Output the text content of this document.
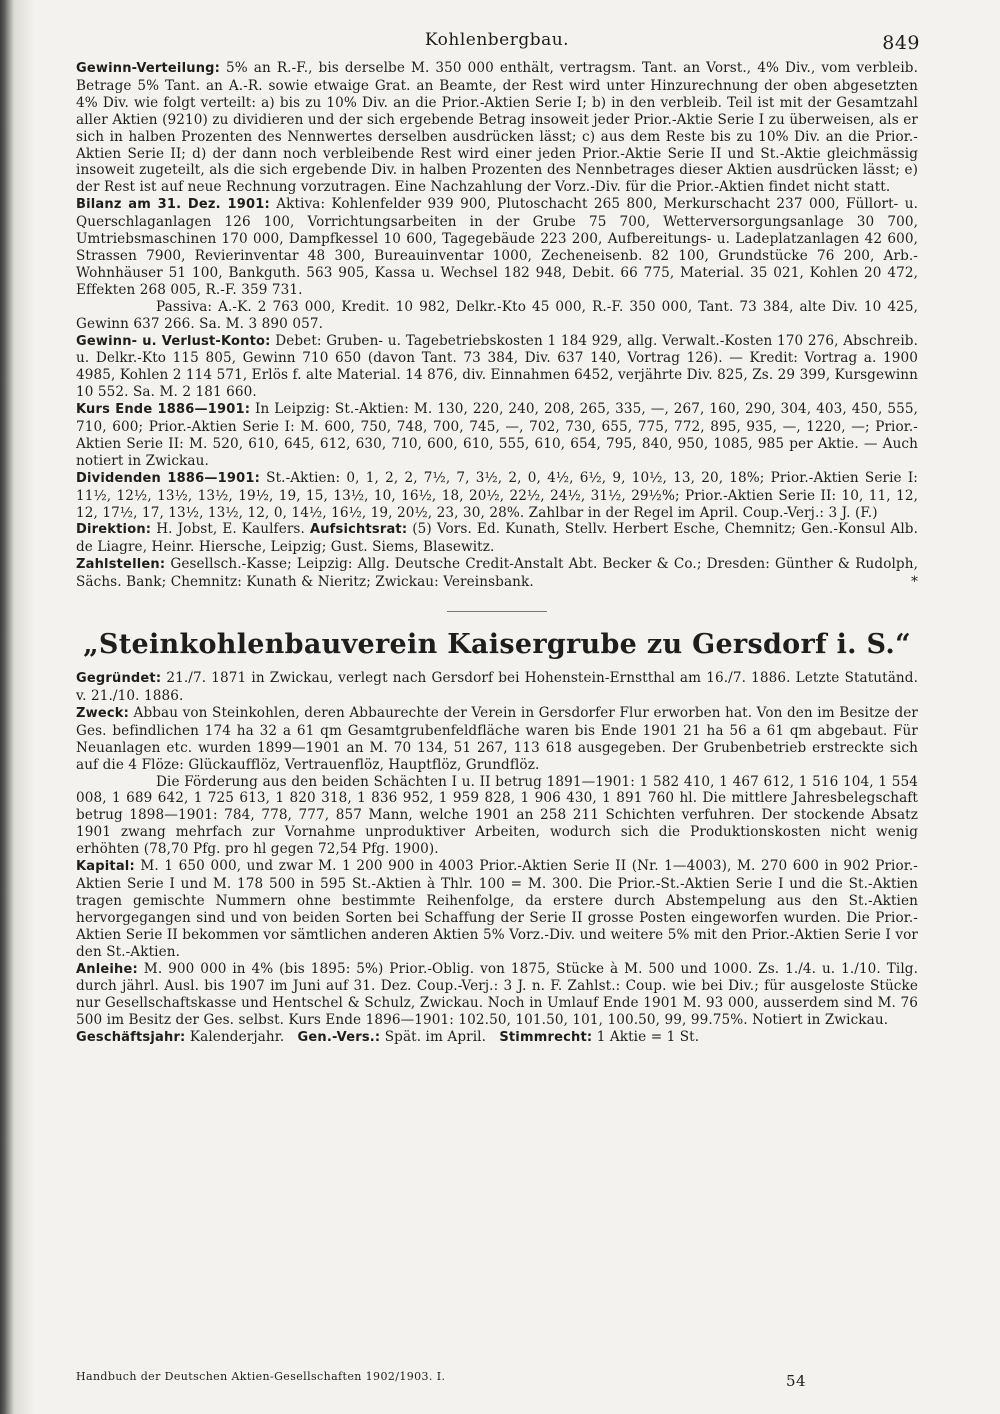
Kohlenbergbau.	849

Gewinn-Verteilung: 5% an R.-F., bis derselbe M. 350 000 enthält, vertragsm. Tant. an Vorst., 4% Div., vom verbleib. Betrage 5% Tant. an A.-R. sowie etwaige Grat. an Beamte, der Rest wird unter Hinzurechnung der oben abgesetzten 4% Div. wie folgt verteilt: a) bis zu 10% Div. an die Prior.-Aktien Serie I; b) in den verbleib. Teil ist mit der Gesamtzahl aller Aktien (9210) zu dividieren und der sich ergebende Betrag insoweit jeder Prior.-Aktie Serie I zu überweisen, als er sich in halben Prozenten des Nennwertes derselben ausdrücken lässt; c) aus dem Reste bis zu 10% Div. an die Prior.-Aktien Serie II; d) der dann noch verbleibende Rest wird einer jeden Prior.-Aktie Serie II und St.-Aktie gleichmässig insoweit zugeteilt, als die sich ergebende Div. in halben Prozenten des Nennbetrages dieser Aktien ausdrücken lässt; e) der Rest ist auf neue Rechnung vorzutragen. Eine Nachzahlung der Vorz.-Div. für die Prior.-Aktien findet nicht statt.

Bilanz am 31. Dez. 1901: Aktiva: Kohlenfelder 939 900, Plutoschacht 265 800, Merkurschacht 237 000, Füllort- u. Querschlaganlagen 126 100, Vorrichtungsarbeiten in der Grube 75 700, Wetterversorgungsanlage 30 700, Umtriebsmaschinen 170 000, Dampfkessel 10 600, Tagegebäude 223 200, Aufbereitungs- u. Ladeplatzanlagen 42 600, Strassen 7900, Revierinventar 48 300, Bureauinventar 1000, Zecheneisenb. 82 100, Grundstücke 76 200, Arb.-Wohnhäuser 51 100, Bankguth. 563 905, Kassa u. Wechsel 182 948, Debit. 66 775, Material. 35 021, Kohlen 20 472, Effekten 268 005, R.-F. 359 731.

Passiva: A.-K. 2 763 000, Kredit. 10 982, Delkr.-Kto 45 000, R.-F. 350 000, Tant. 73 384, alte Div. 10 425, Gewinn 637 266. Sa. M. 3 890 057.

Gewinn- u. Verlust-Konto: Debet: Gruben- u. Tagebetriebskosten 1 184 929, allg. Verwalt.-Kosten 170 276, Abschreib. u. Delkr.-Kto 115 805, Gewinn 710 650 (davon Tant. 73 384, Div. 637 140, Vortrag 126). — Kredit: Vortrag a. 1900 4985, Kohlen 2 114 571, Erlös f. alte Material. 14 876, div. Einnahmen 6452, verjährte Div. 825, Zs. 29 399, Kursgewinn 10 552. Sa. M. 2 181 660.

Kurs Ende 1886—1901: In Leipzig: St.-Aktien: M. 130, 220, 240, 208, 265, 335, —, 267, 160, 290, 304, 403, 450, 555, 710, 600; Prior.-Aktien Serie I: M. 600, 750, 748, 700, 745, —, 702, 730, 655, 775, 772, 895, 935, —, 1220, —; Prior.-Aktien Serie II: M. 520, 610, 645, 612, 630, 710, 600, 610, 555, 610, 654, 795, 840, 950, 1085, 985 per Aktie. — Auch notiert in Zwickau.

Dividenden 1886—1901: St.-Aktien: 0, 1, 2, 2, 7½, 7, 3½, 2, 0, 4½, 6½, 9, 10½, 13, 20, 18%; Prior.-Aktien Serie I: 11½, 12½, 13½, 13½, 19½, 19, 15, 13½, 10, 16½, 18, 20½, 22½, 24½, 31½, 29½%; Prior.-Aktien Serie II: 10, 11, 12, 12, 17½, 17, 13½, 13½, 12, 0, 14½, 16½, 19, 20½, 23, 30, 28%. Zahlbar in der Regel im April. Coup.-Verj.: 3 J. (F.)

Direktion: H. Jobst, E. Kaulfers. Aufsichtsrat: (5) Vors. Ed. Kunath, Stellv. Herbert Esche, Chemnitz; Gen.-Konsul Alb. de Liagre, Heinr. Hiersche, Leipzig; Gust. Siems, Blasewitz.

Zahlstellen: Gesellsch.-Kasse; Leipzig: Allg. Deutsche Credit-Anstalt Abt. Becker & Co.; Dresden: Günther & Rudolph, Sächs. Bank; Chemnitz: Kunath & Nieritz; Zwickau: Vereinsbank.	*

„Steinkohlenbauverein Kaisergrube zu Gersdorf i. S.“

Gegründet: 21./7. 1871 in Zwickau, verlegt nach Gersdorf bei Hohenstein-Ernstthal am 16./7. 1886. Letzte Statutänd. v. 21./10. 1886.

Zweck: Abbau von Steinkohlen, deren Abbaurechte der Verein in Gersdorfer Flur erworben hat. Von den im Besitze der Ges. befindlichen 174 ha 32 a 61 qm Gesamtgrubenfeldfläche waren bis Ende 1901 21 ha 56 a 61 qm abgebaut. Für Neuanlagen etc. wurden 1899—1901 an M. 70 134, 51 267, 113 618 ausgegeben. Der Grubenbetrieb erstreckte sich auf die 4 Flöze: Glückaufflöz, Vertrauenflöz, Hauptflöz, Grundflöz.

Die Förderung aus den beiden Schächten I u. II betrug 1891—1901: 1 582 410, 1 467 612, 1 516 104, 1 554 008, 1 689 642, 1 725 613, 1 820 318, 1 836 952, 1 959 828, 1 906 430, 1 891 760 hl. Die mittlere Jahresbelegschaft betrug 1898—1901: 784, 778, 777, 857 Mann, welche 1901 an 258 211 Schichten verfuhren. Der stockende Absatz 1901 zwang mehrfach zur Vornahme unproduktiver Arbeiten, wodurch sich die Produktionskosten nicht wenig erhöhten (78,70 Pfg. pro hl gegen 72,54 Pfg. 1900).

Kapital: M. 1 650 000, und zwar M. 1 200 900 in 4003 Prior.-Aktien Serie II (Nr. 1—4003), M. 270 600 in 902 Prior.-Aktien Serie I und M. 178 500 in 595 St.-Aktien à Thlr. 100 = M. 300. Die Prior.-St.-Aktien Serie I und die St.-Aktien tragen gemischte Nummern ohne bestimmte Reihenfolge, da erstere durch Abstempelung aus den St.-Aktien hervorgegangen sind und von beiden Sorten bei Schaffung der Serie II grosse Posten eingeworfen wurden. Die Prior.-Aktien Serie II bekommen vor sämtlichen anderen Aktien 5% Vorz.-Div. und weitere 5% mit den Prior.-Aktien Serie I vor den St.-Aktien.

Anleihe: M. 900 000 in 4% (bis 1895: 5%) Prior.-Oblig. von 1875, Stücke à M. 500 und 1000. Zs. 1./4. u. 1./10. Tilg. durch jährl. Ausl. bis 1907 im Juni auf 31. Dez. Coup.-Verj.: 3 J. n. F. Zahlst.: Coup. wie bei Div.; für ausgeloste Stücke nur Gesellschaftskasse und Hentschel & Schulz, Zwickau. Noch in Umlauf Ende 1901 M. 93 000, ausserdem sind M. 76 500 im Besitz der Ges. selbst. Kurs Ende 1896—1901: 102.50, 101.50, 101, 100.50, 99, 99.75%. Notiert in Zwickau.

Geschäftsjahr: Kalenderjahr. Gen.-Vers.: Spät. im April. Stimmrecht: 1 Aktie = 1 St.

Handbuch der Deutschen Aktien-Gesellschaften 1902/1903. I.	54
